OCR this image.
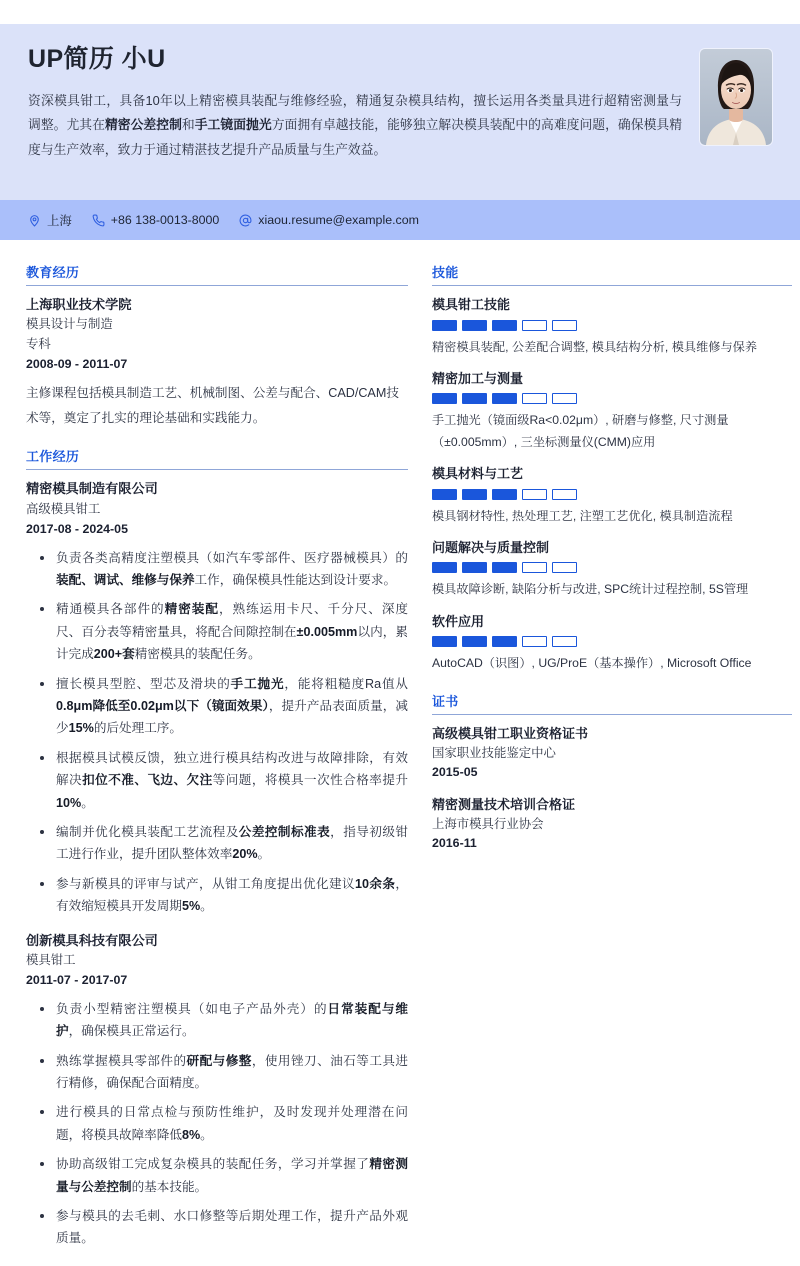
UP简历 小U
资深模具钳工，具备10年以上精密模具装配与维修经验，精通复杂模具结构，擅长运用各类量具进行超精密测量与调整。尤其在精密公差控制和手工镜面抛光方面拥有卓越技能，能够独立解决模具装配中的高难度问题，确保模具精度与生产效率，致力于通过精湛技艺提升产品质量与生产效益。
上海	+86 138-0013-8000	xiaou.resume@example.com
教育经历
上海职业技术学院
模具设计与制造
专科
2008-09 - 2011-07
主修课程包括模具制造工艺、机械制图、公差与配合、CAD/CAM技术等，奠定了扎实的理论基础和实践能力。
工作经历
精密模具制造有限公司
高级模具钳工
2017-08 - 2024-05
负责各类高精度注塑模具（如汽车零部件、医疗器械模具）的装配、调试、维修与保养工作，确保模具性能达到设计要求。
精通模具各部件的精密装配，熟练运用卡尺、千分尺、深度尺、百分表等精密量具，将配合间隙控制在±0.005mm以内，累计完成200+套精密模具的装配任务。
擅长模具型腔、型芯及滑块的手工抛光，能将粗糙度Ra值从0.8μm降低至0.02μm以下（镜面效果），提升产品表面质量，减少15%的后处理工序。
根据模具试模反馈，独立进行模具结构改进与故障排除，有效解决扣位不准、飞边、欠注等问题，将模具一次性合格率提升10%。
编制并优化模具装配工艺流程及公差控制标准表，指导初级钳工进行作业，提升团队整体效率20%。
参与新模具的评审与试产，从钳工角度提出优化建议10余条，有效缩短模具开发周期5%。
创新模具科技有限公司
模具钳工
2011-07 - 2017-07
负责小型精密注塑模具（如电子产品外壳）的日常装配与维护，确保模具正常运行。
熟练掌握模具零部件的研配与修整，使用锉刀、油石等工具进行精修，确保配合面精度。
进行模具的日常点检与预防性维护，及时发现并处理潜在问题，将模具故障率降低8%。
协助高级钳工完成复杂模具的装配任务，学习并掌握了精密测量与公差控制的基本技能。
参与模具的去毛刺、水口修整等后期处理工作，提升产品外观质量。
技能
模具钳工技能
精密模具装配, 公差配合调整, 模具结构分析, 模具维修与保养
精密加工与测量
手工抛光（镜面级Ra<0.02μm）, 研磨与修整, 尺寸测量（±0.005mm）, 三坐标测量仪(CMM)应用
模具材料与工艺
模具钢材特性, 热处理工艺, 注塑工艺优化, 模具制造流程
问题解决与质量控制
模具故障诊断, 缺陷分析与改进, SPC统计过程控制, 5S管理
软件应用
AutoCAD（识图）, UG/ProE（基本操作）, Microsoft Office
证书
高级模具钳工职业资格证书
国家职业技能鉴定中心
2015-05
精密测量技术培训合格证
上海市模具行业协会
2016-11
